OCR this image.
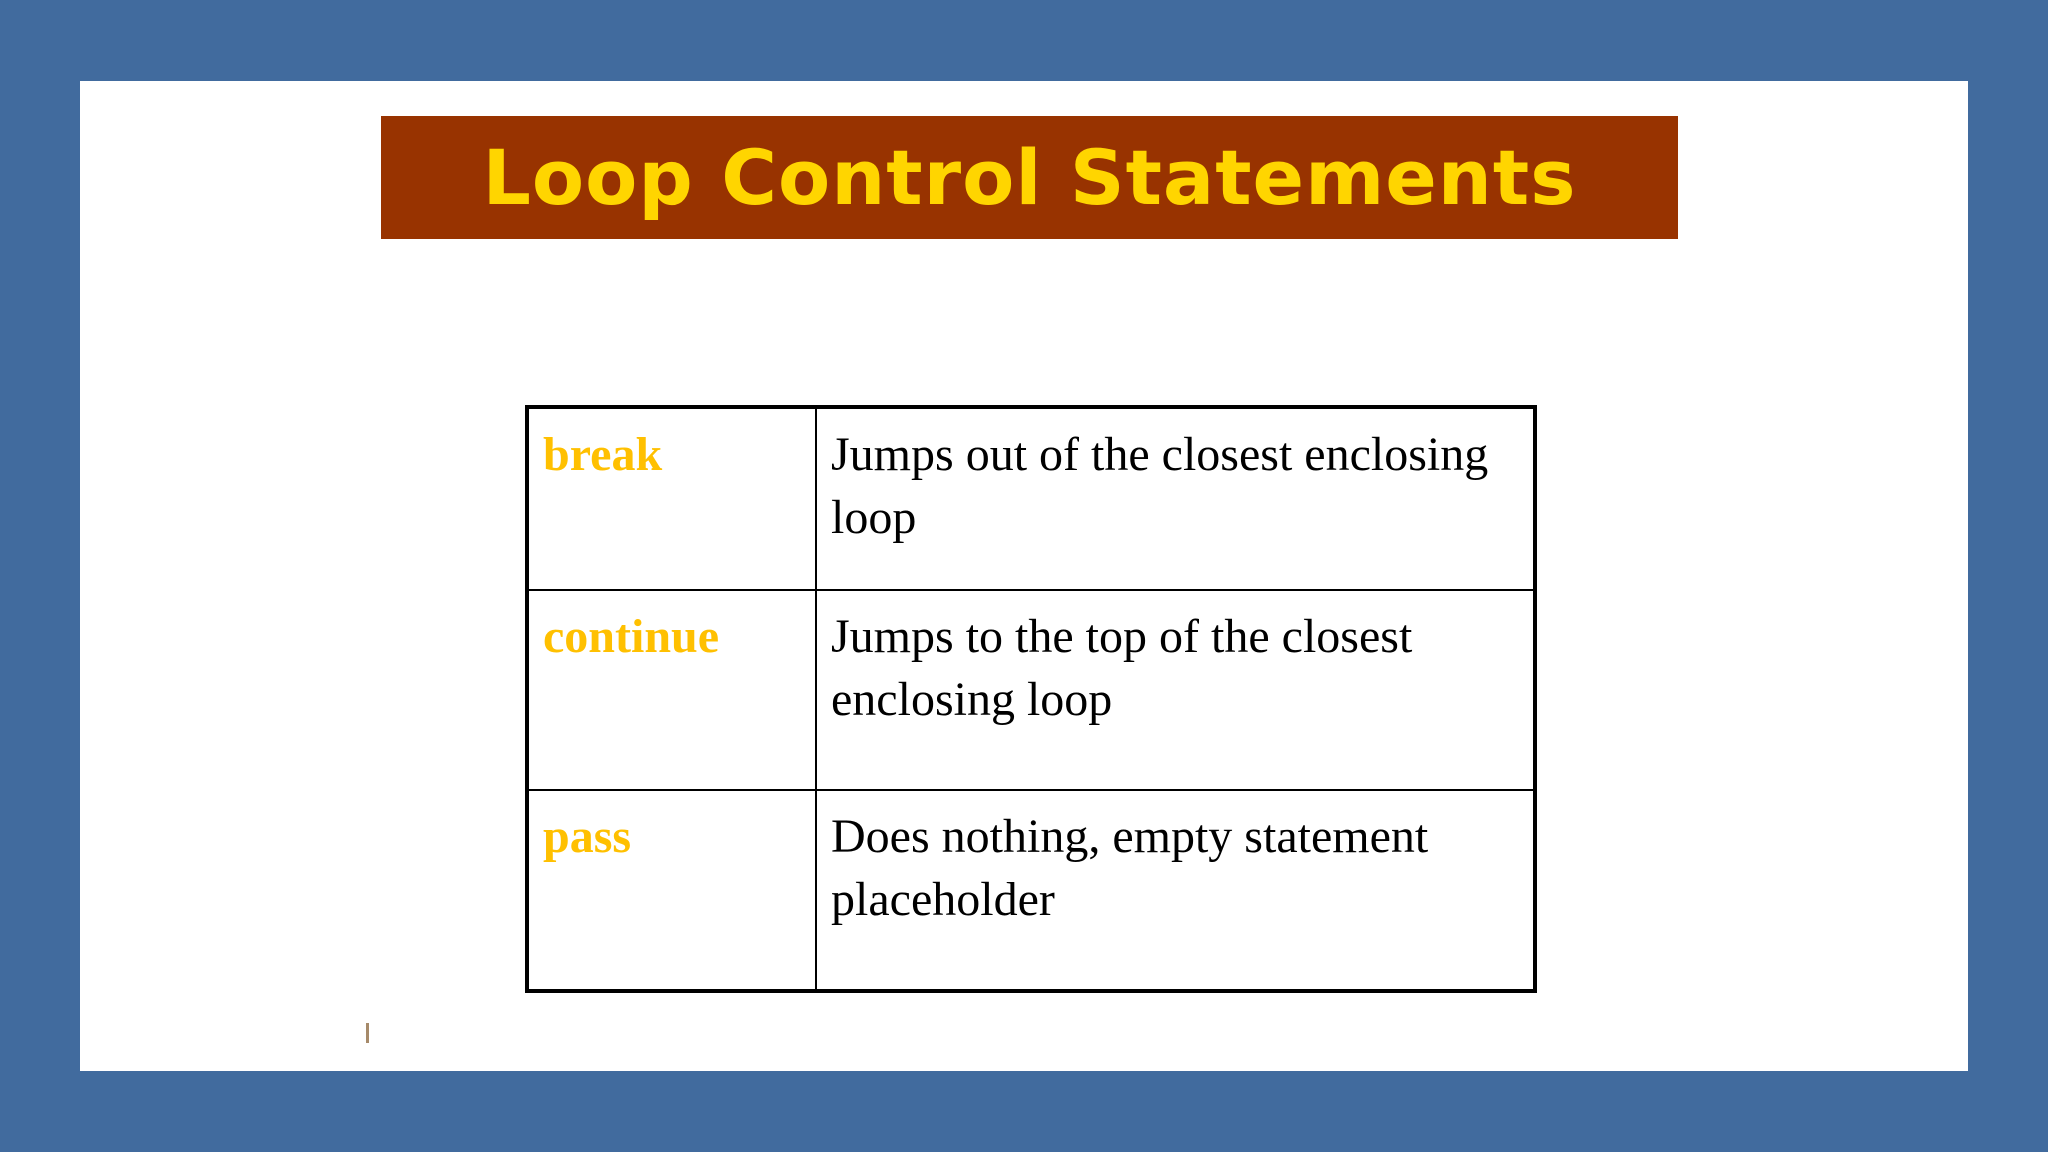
Loop Control Statements
break	Jumps out of the closest enclosing loop
continue	Jumps to the top of the closest enclosing loop
pass	Does nothing, empty statement placeholder
